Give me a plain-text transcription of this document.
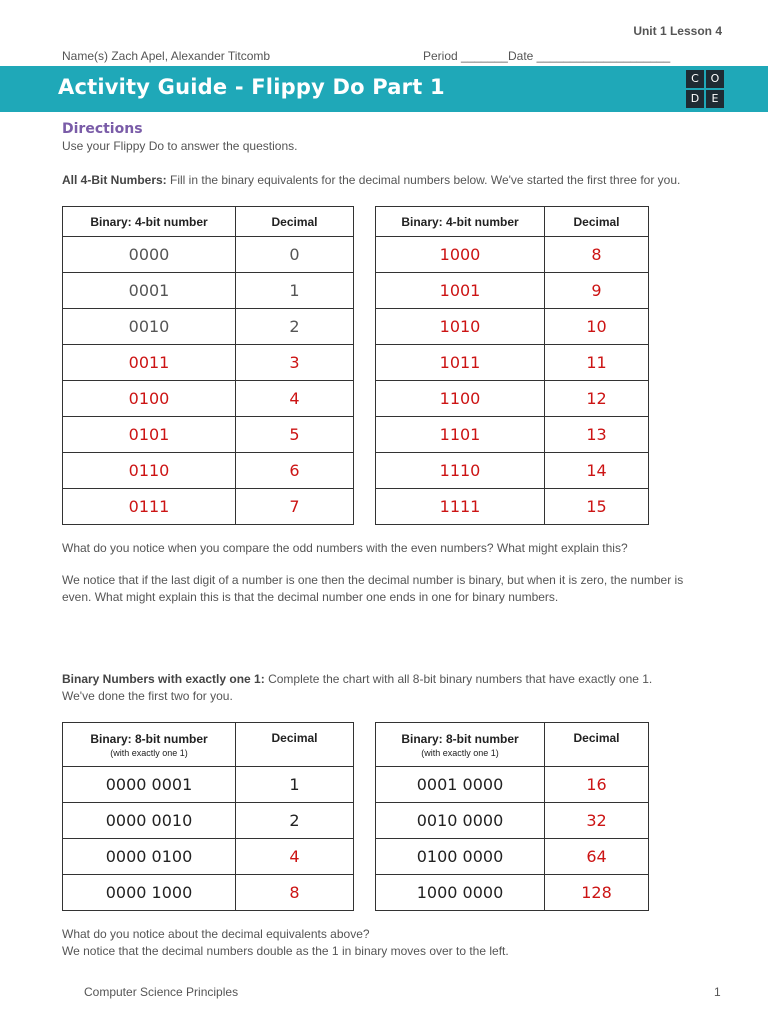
Unit 1 Lesson 4
Name(s) Zach Apel, Alexander Titcomb	Period _______ Date ____________________
Activity Guide - Flippy Do Part 1	C	O
D	E
Directions
Use your Flippy Do to answer the questions.
All 4-Bit Numbers: Fill in the binary equivalents for the decimal numbers below. We've started the first three for you.
Binary: 4-bit number	Decimal
0000	0
0001	1
0010	2
0011	3
0100	4
0101	5
0110	6
0111	7
Binary: 4-bit number	Decimal
1000	8
1001	9
1010	10
1011	11
1100	12
1101	13
1110	14
1111	15
What do you notice when you compare the odd numbers with the even numbers? What might explain this?
We notice that if the last digit of a number is one then the decimal number is binary, but when it is zero, the number is
even. What might explain this is that the decimal number one ends in one for binary numbers.
Binary Numbers with exactly one 1: Complete the chart with all 8-bit binary numbers that have exactly one 1.
We've done the first two for you.
Binary: 8-bit number
(with exactly one 1)	Decimal
0000 0001	1
0000 0010	2
0000 0100	4
0000 1000	8
Binary: 8-bit number
(with exactly one 1)	Decimal
0001 0000	16
0010 0000	32
0100 0000	64
1000 0000	128
What do you notice about the decimal equivalents above?
We notice that the decimal numbers double as the 1 in binary moves over to the left.
Computer Science Principles	1
